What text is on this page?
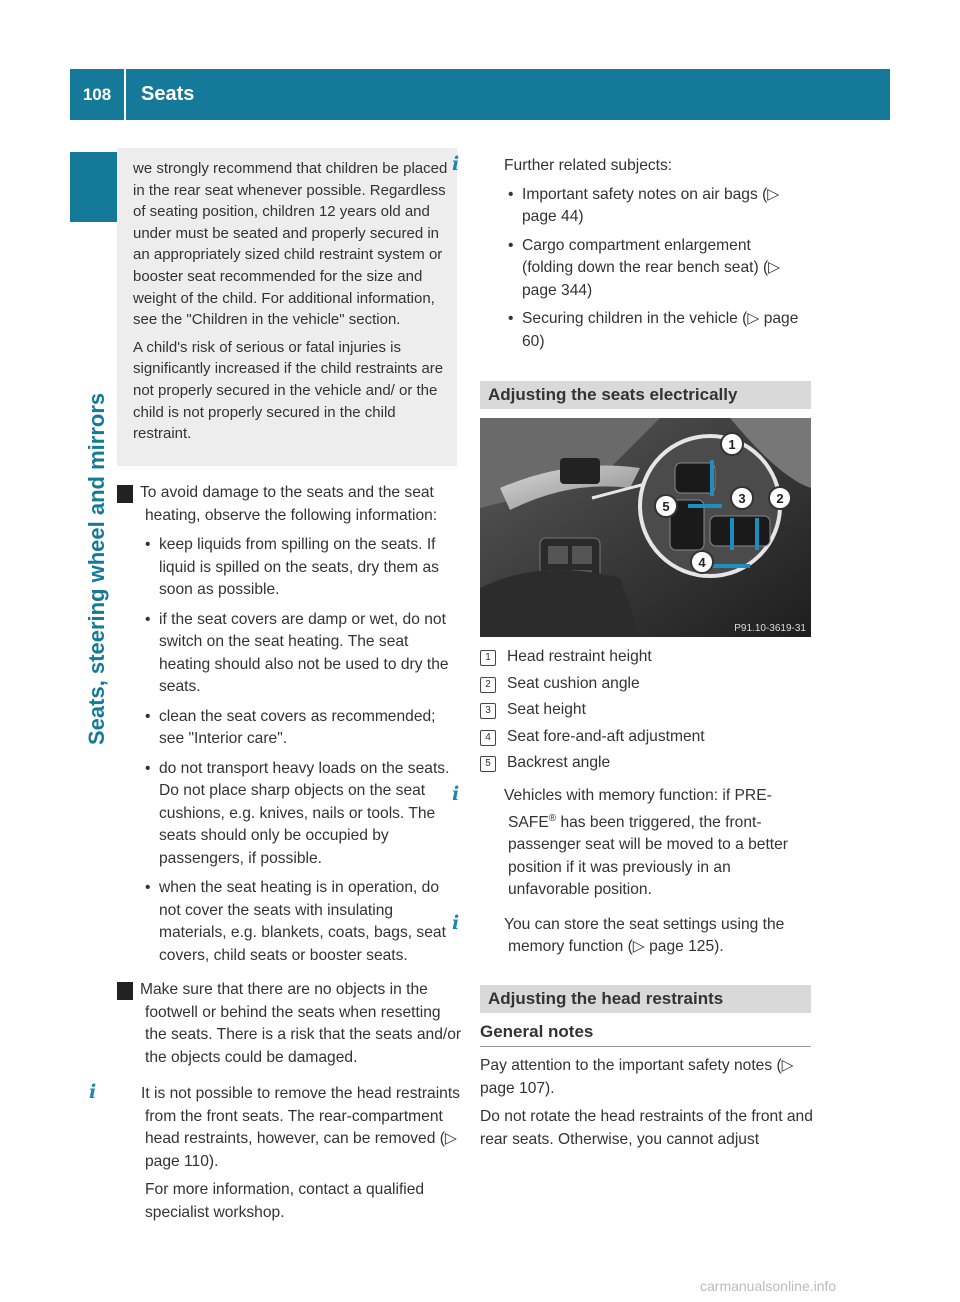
108	Seats
Seats, steering wheel and mirrors

we strongly recommend that children be placed in the rear seat whenever possible. Regardless of seating position, children 12 years old and under must be seated and properly secured in an appropriately sized child restraint system or booster seat recommended for the size and weight of the child. For additional information, see the "Children in the vehicle" section.

A child's risk of serious or fatal injuries is significantly increased if the child restraints are not properly secured in the vehicle and/ or the child is not properly secured in the child restraint.

! To avoid damage to the seats and the seat heating, observe the following information:

• keep liquids from spilling on the seats. If liquid is spilled on the seats, dry them as soon as possible.

• if the seat covers are damp or wet, do not switch on the seat heating. The seat heating should also not be used to dry the seats.

• clean the seat covers as recommended; see "Interior care".

• do not transport heavy loads on the seats. Do not place sharp objects on the seat cushions, e.g. knives, nails or tools. The seats should only be occupied by passengers, if possible.

• when the seat heating is in operation, do not cover the seats with insulating materials, e.g. blankets, coats, bags, seat covers, child seats or booster seats.

! Make sure that there are no objects in the footwell or behind the seats when resetting the seats. There is a risk that the seats and/or the objects could be damaged.

i	It is not possible to remove the head restraints from the front seats. The rear-compartment head restraints, however, can be removed (▷ page 110).

For more information, contact a qualified specialist workshop.

i	Further related subjects:

• Important safety notes on air bags (▷ page 44)

• Cargo compartment enlargement (folding down the rear bench seat) (▷ page 344)

• Securing children in the vehicle (▷ page 60)

Adjusting the seats electrically
1
2
3
4
5
P91.10-3619-31

1 Head restraint height

2 Seat cushion angle

3 Seat height

4 Seat fore-and-aft adjustment

5 Backrest angle

i	Vehicles with memory function: if PRE-SAFE® has been triggered, the front-passenger seat will be moved to a better position if it was previously in an unfavorable position.

i	You can store the seat settings using the memory function (▷ page 125).

Adjusting the head restraints
General notes

Pay attention to the important safety notes (▷ page 107).

Do not rotate the head restraints of the front and rear seats. Otherwise, you cannot adjust

carmanualsonline.info
